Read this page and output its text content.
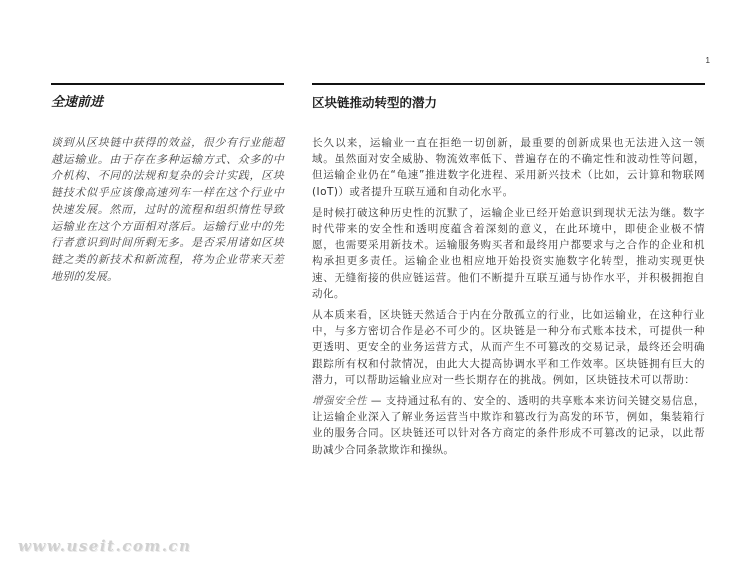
1
全速前进

谈到从区块链中获得的效益，很少有行业能超越运输业。由于存在多种运输方式、众多的中介机构、不同的法规和复杂的会计实践，区块链技术似乎应该像高速列车一样在这个行业中快速发展。然而，过时的流程和组织惰性导致运输业在这个方面相对落后。运输行业中的先行者意识到时间所剩无多。是否采用诸如区块链之类的新技术和新流程，将为企业带来天差地别的发展。

区块链推动转型的潜力

长久以来，运输业一直在拒绝一切创新，最重要的创新成果也无法进入这一领域。虽然面对安全威胁、物流效率低下、普遍存在的不确定性和波动性等问题，但运输企业仍在“龟速”推进数字化进程、采用新兴技术（比如，云计算和物联网 (IoT)）或者提升互联互通和自动化水平。

是时候打破这种历史性的沉默了，运输企业已经开始意识到现状无法为继。数字时代带来的安全性和透明度蕴含着深刻的意义，在此环境中，即使企业极不情愿，也需要采用新技术。运输服务购买者和最终用户都要求与之合作的企业和机构承担更多责任。运输企业也相应地开始投资实施数字化转型，推动实现更快速、无缝衔接的供应链运营。他们不断提升互联互通与协作水平，并积极拥抱自动化。

从本质来看，区块链天然适合于内在分散孤立的行业，比如运输业，在这种行业中，与多方密切合作是必不可少的。区块链是一种分布式账本技术，可提供一种更透明、更安全的业务运营方式，从而产生不可篡改的交易记录，最终还会明确跟踪所有权和付款情况，由此大大提高协调水平和工作效率。区块链拥有巨大的潜力，可以帮助运输业应对一些长期存在的挑战。例如，区块链技术可以帮助：

增强安全性 — 支持通过私有的、安全的、透明的共享账本来访问关键交易信息，让运输企业深入了解业务运营当中欺诈和篡改行为高发的环节，例如，集装箱行业的服务合同。区块链还可以针对各方商定的条件形成不可篡改的记录，以此帮助减少合同条款欺诈和操纵。

www.useit.com.cn
